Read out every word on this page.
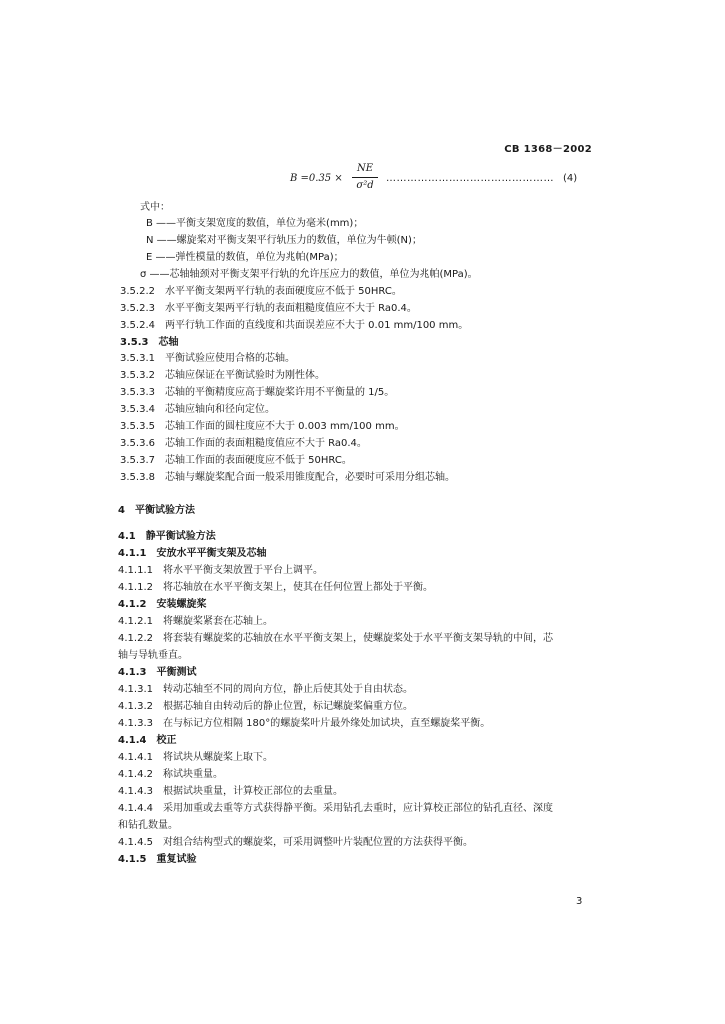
CB 1368－2002
B =0.35 ×
NE
σ²d
………………………………………… (4)
式中：
B ——平衡支架宽度的数值，单位为毫米(mm)；
N ——螺旋桨对平衡支架平行轨压力的数值，单位为牛顿(N)；
E ——弹性模量的数值，单位为兆帕(MPa)；
σ ——芯轴轴颈对平衡支架平行轨的允许压应力的数值，单位为兆帕(MPa)。
3.5.2.2　水平平衡支架两平行轨的表面硬度应不低于 50HRC。
3.5.2.3　水平平衡支架两平行轨的表面粗糙度值应不大于 Ra0.4。
3.5.2.4　两平行轨工作面的直线度和共面误差应不大于 0.01 mm/100 mm。
3.5.3　芯轴
3.5.3.1　平衡试验应使用合格的芯轴。
3.5.3.2　芯轴应保证在平衡试验时为刚性体。
3.5.3.3　芯轴的平衡精度应高于螺旋桨许用不平衡量的 1/5。
3.5.3.4　芯轴应轴向和径向定位。
3.5.3.5　芯轴工作面的圆柱度应不大于 0.003 mm/100 mm。
3.5.3.6　芯轴工作面的表面粗糙度值应不大于 Ra0.4。
3.5.3.7　芯轴工作面的表面硬度应不低于 50HRC。
3.5.3.8　芯轴与螺旋桨配合面一般采用锥度配合，必要时可采用分组芯轴。
4　平衡试验方法
4.1　静平衡试验方法
4.1.1　安放水平平衡支架及芯轴
4.1.1.1　将水平平衡支架放置于平台上调平。
4.1.1.2　将芯轴放在水平平衡支架上，使其在任何位置上都处于平衡。
4.1.2　安装螺旋桨
4.1.2.1　将螺旋桨紧套在芯轴上。
4.1.2.2　将套装有螺旋桨的芯轴放在水平平衡支架上，使螺旋桨处于水平平衡支架导轨的中间，芯
轴与导轨垂直。
4.1.3　平衡测试
4.1.3.1　转动芯轴至不同的周向方位，静止后使其处于自由状态。
4.1.3.2　根据芯轴自由转动后的静止位置，标记螺旋桨偏重方位。
4.1.3.3　在与标记方位相隔 180°的螺旋桨叶片最外缘处加试块，直至螺旋桨平衡。
4.1.4　校正
4.1.4.1　将试块从螺旋桨上取下。
4.1.4.2　称试块重量。
4.1.4.3　根据试块重量，计算校正部位的去重量。
4.1.4.4　采用加重或去重等方式获得静平衡。采用钻孔去重时，应计算校正部位的钻孔直径、深度
和钻孔数量。
4.1.4.5　对组合结构型式的螺旋桨，可采用调整叶片装配位置的方法获得平衡。
4.1.5　重复试验
3
